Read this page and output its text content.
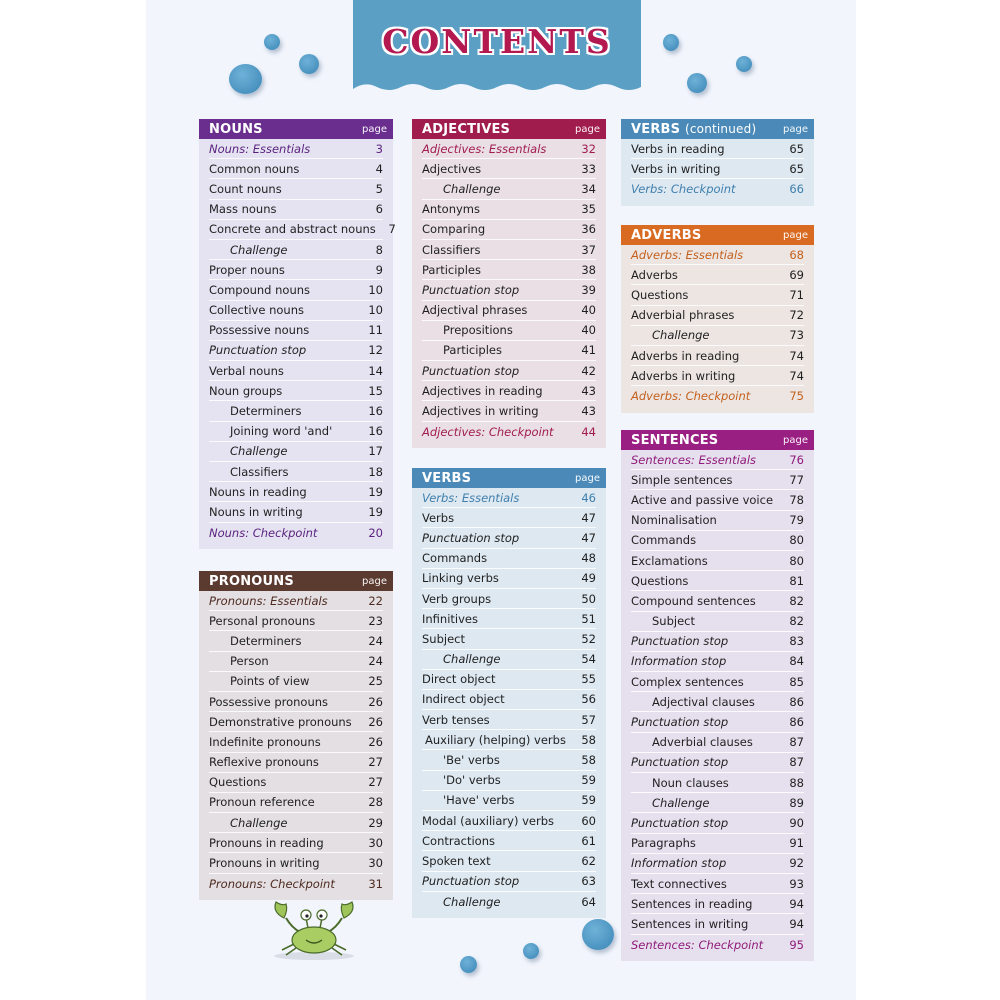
CONTENTS
NOUNS	page
Nouns: Essentials	3
Common nouns	4
Count nouns	5
Mass nouns	6
Concrete and abstract nouns	7
Challenge	8
Proper nouns	9
Compound nouns	10
Collective nouns	10
Possessive nouns	11
Punctuation stop	12
Verbal nouns	14
Noun groups	15
Determiners	16
Joining word 'and'	16
Challenge	17
Classifiers	18
Nouns in reading	19
Nouns in writing	19
Nouns: Checkpoint	20
PRONOUNS	page
Pronouns: Essentials	22
Personal pronouns	23
Determiners	24
Person	24
Points of view	25
Possessive pronouns	26
Demonstrative pronouns	26
Indefinite pronouns	26
Reflexive pronouns	27
Questions	27
Pronoun reference	28
Challenge	29
Pronouns in reading	30
Pronouns in writing	30
Pronouns: Checkpoint	31
ADJECTIVES	page
Adjectives: Essentials	32
Adjectives	33
Challenge	34
Antonyms	35
Comparing	36
Classifiers	37
Participles	38
Punctuation stop	39
Adjectival phrases	40
Prepositions	40
Participles	41
Punctuation stop	42
Adjectives in reading	43
Adjectives in writing	43
Adjectives: Checkpoint	44
VERBS	page
Verbs: Essentials	46
Verbs	47
Punctuation stop	47
Commands	48
Linking verbs	49
Verb groups	50
Infinitives	51
Subject	52
Challenge	54
Direct object	55
Indirect object	56
Verb tenses	57
Auxiliary (helping) verbs	58
'Be' verbs	58
'Do' verbs	59
'Have' verbs	59
Modal (auxiliary) verbs	60
Contractions	61
Spoken text	62
Punctuation stop	63
Challenge	64
VERBS (continued)	page
Verbs in reading	65
Verbs in writing	65
Verbs: Checkpoint	66
ADVERBS	page
Adverbs: Essentials	68
Adverbs	69
Questions	71
Adverbial phrases	72
Challenge	73
Adverbs in reading	74
Adverbs in writing	74
Adverbs: Checkpoint	75
SENTENCES	page
Sentences: Essentials	76
Simple sentences	77
Active and passive voice	78
Nominalisation	79
Commands	80
Exclamations	80
Questions	81
Compound sentences	82
Subject	82
Punctuation stop	83
Information stop	84
Complex sentences	85
Adjectival clauses	86
Punctuation stop	86
Adverbial clauses	87
Punctuation stop	87
Noun clauses	88
Challenge	89
Punctuation stop	90
Paragraphs	91
Information stop	92
Text connectives	93
Sentences in reading	94
Sentences in writing	94
Sentences: Checkpoint	95
